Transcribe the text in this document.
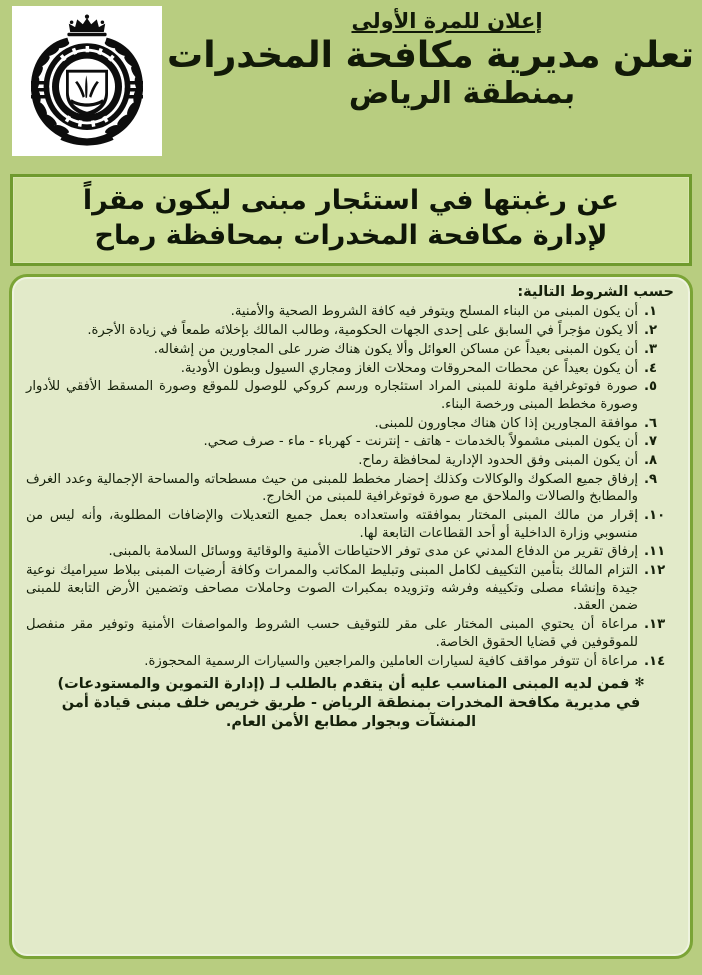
إعلان للمرة الأولى
تعلن مديرية مكافحة المخدرات
بمنطقة الرياض
عن رغبتها في استئجار مبنى ليكون مقراً
لإدارة مكافحة المخدرات بمحافظة رماح
حسب الشروط التالية:
١.
أن يكون المبنى من البناء المسلح ويتوفر فيه كافة الشروط الصحية والأمنية.
٢.
ألا يكون مؤجراً في السابق على إحدى الجهات الحكومية، وطالب المالك بإخلائه طمعاً في زيادة الأجرة.
٣.
أن يكون المبنى بعيداً عن مساكن العوائل وألا يكون هناك ضرر على المجاورين من إشغاله.
٤.
أن يكون بعيداً عن محطات المحروقات ومحلات الغاز ومجاري السيول وبطون الأودية.
٥.
صورة فوتوغرافية ملونة للمبنى المراد استئجاره ورسم كروكي للوصول للموقع وصورة المسقط الأفقي للأدوار وصورة مخطط المبنى ورخصة البناء.
٦.
موافقة المجاورين إذا كان هناك مجاورون للمبنى.
٧.
أن يكون المبنى مشمولاً بالخدمات - هاتف - إنترنت - كهرباء - ماء - صرف صحي.
٨.
أن يكون المبنى وفق الحدود الإدارية لمحافظة رماح.
٩.
إرفاق جميع الصكوك والوكالات وكذلك إحضار مخطط للمبنى من حيث مسطحاته والمساحة الإجمالية وعدد الغرف والمطابخ والصالات والملاحق مع صورة فوتوغرافية للمبنى من الخارج.
١٠.
إقرار من مالك المبنى المختار بموافقته واستعداده بعمل جميع التعديلات والإضافات المطلوبة، وأنه ليس من منسوبي وزارة الداخلية أو أحد القطاعات التابعة لها.
١١.
إرفاق تقرير من الدفاع المدني عن مدى توفر الاحتياطات الأمنية والوقائية ووسائل السلامة بالمبنى.
١٢.
التزام المالك بتأمين التكييف لكامل المبنى وتبليط المكاتب والممرات وكافة أرضيات المبنى ببلاط سيراميك نوعية جيدة وإنشاء مصلى وتكييفه وفرشه وتزويده بمكبرات الصوت وحاملات مصاحف وتضمين الأرض التابعة للمبنى ضمن العقد.
١٣.
مراعاة أن يحتوي المبنى المختار على مقر للتوقيف حسب الشروط والمواصفات الأمنية وتوفير مقر منفصل للموقوفين في قضايا الحقوق الخاصة.
١٤.
مراعاة أن تتوفر مواقف كافية لسيارات العاملين والمراجعين والسيارات الرسمية المحجوزة.
✻ فمن لديه المبنى المناسب عليه أن يتقدم بالطلب لـ (إدارة التموين والمستودعات)
في مديرية مكافحة المخدرات بمنطقة الرياض - طريق خريص خلف مبنى قيادة أمن
المنشآت وبجوار مطابع الأمن العام.
